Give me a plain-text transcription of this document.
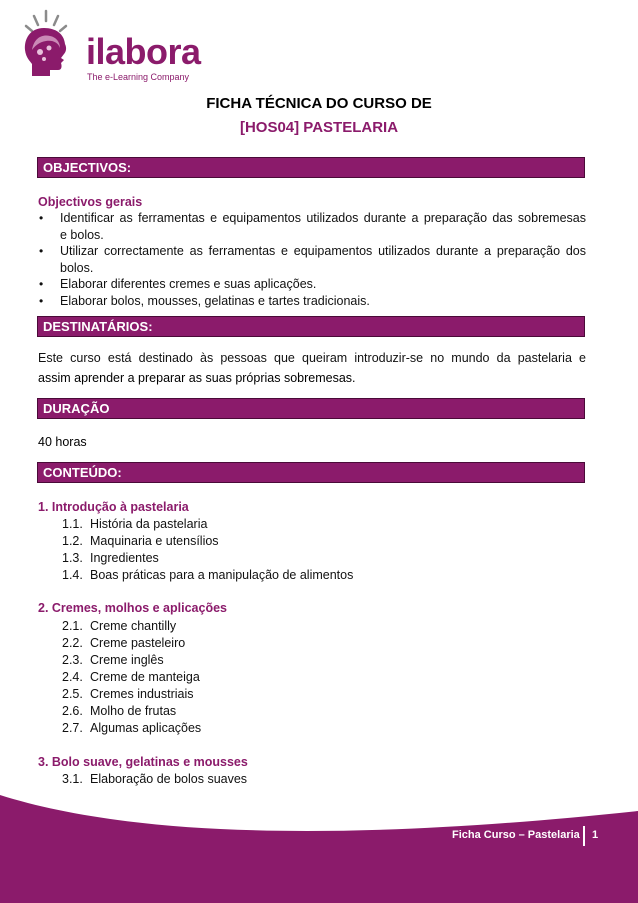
ilabora
The e-Learning Company
FICHA TÉCNICA DO CURSO DE
[HOS04] PASTELARIA
OBJECTIVOS:
Objectivos gerais
• Identificar as ferramentas e equipamentos utilizados durante a preparação das sobremesas
e bolos.
• Utilizar correctamente as ferramentas e equipamentos utilizados durante a preparação dos
bolos.
• Elaborar diferentes cremes e suas aplicações.
• Elaborar bolos, mousses, gelatinas e tartes tradicionais.
DESTINATÁRIOS:
Este curso está destinado às pessoas que queiram introduzir-se no mundo da pastelaria e
assim aprender a preparar as suas próprias sobremesas.
DURAÇÃO
40 horas
CONTEÚDO:
1. Introdução à pastelaria
1.1. História da pastelaria
1.2. Maquinaria e utensílios
1.3. Ingredientes
1.4. Boas práticas para a manipulação de alimentos
2. Cremes, molhos e aplicações
2.1. Creme chantilly
2.2. Creme pasteleiro
2.3. Creme inglês
2.4. Creme de manteiga
2.5. Cremes industriais
2.6. Molho de frutas
2.7. Algumas aplicações
3. Bolo suave, gelatinas e mousses
3.1. Elaboração de bolos suaves
Ficha Curso – Pastelaria 1
